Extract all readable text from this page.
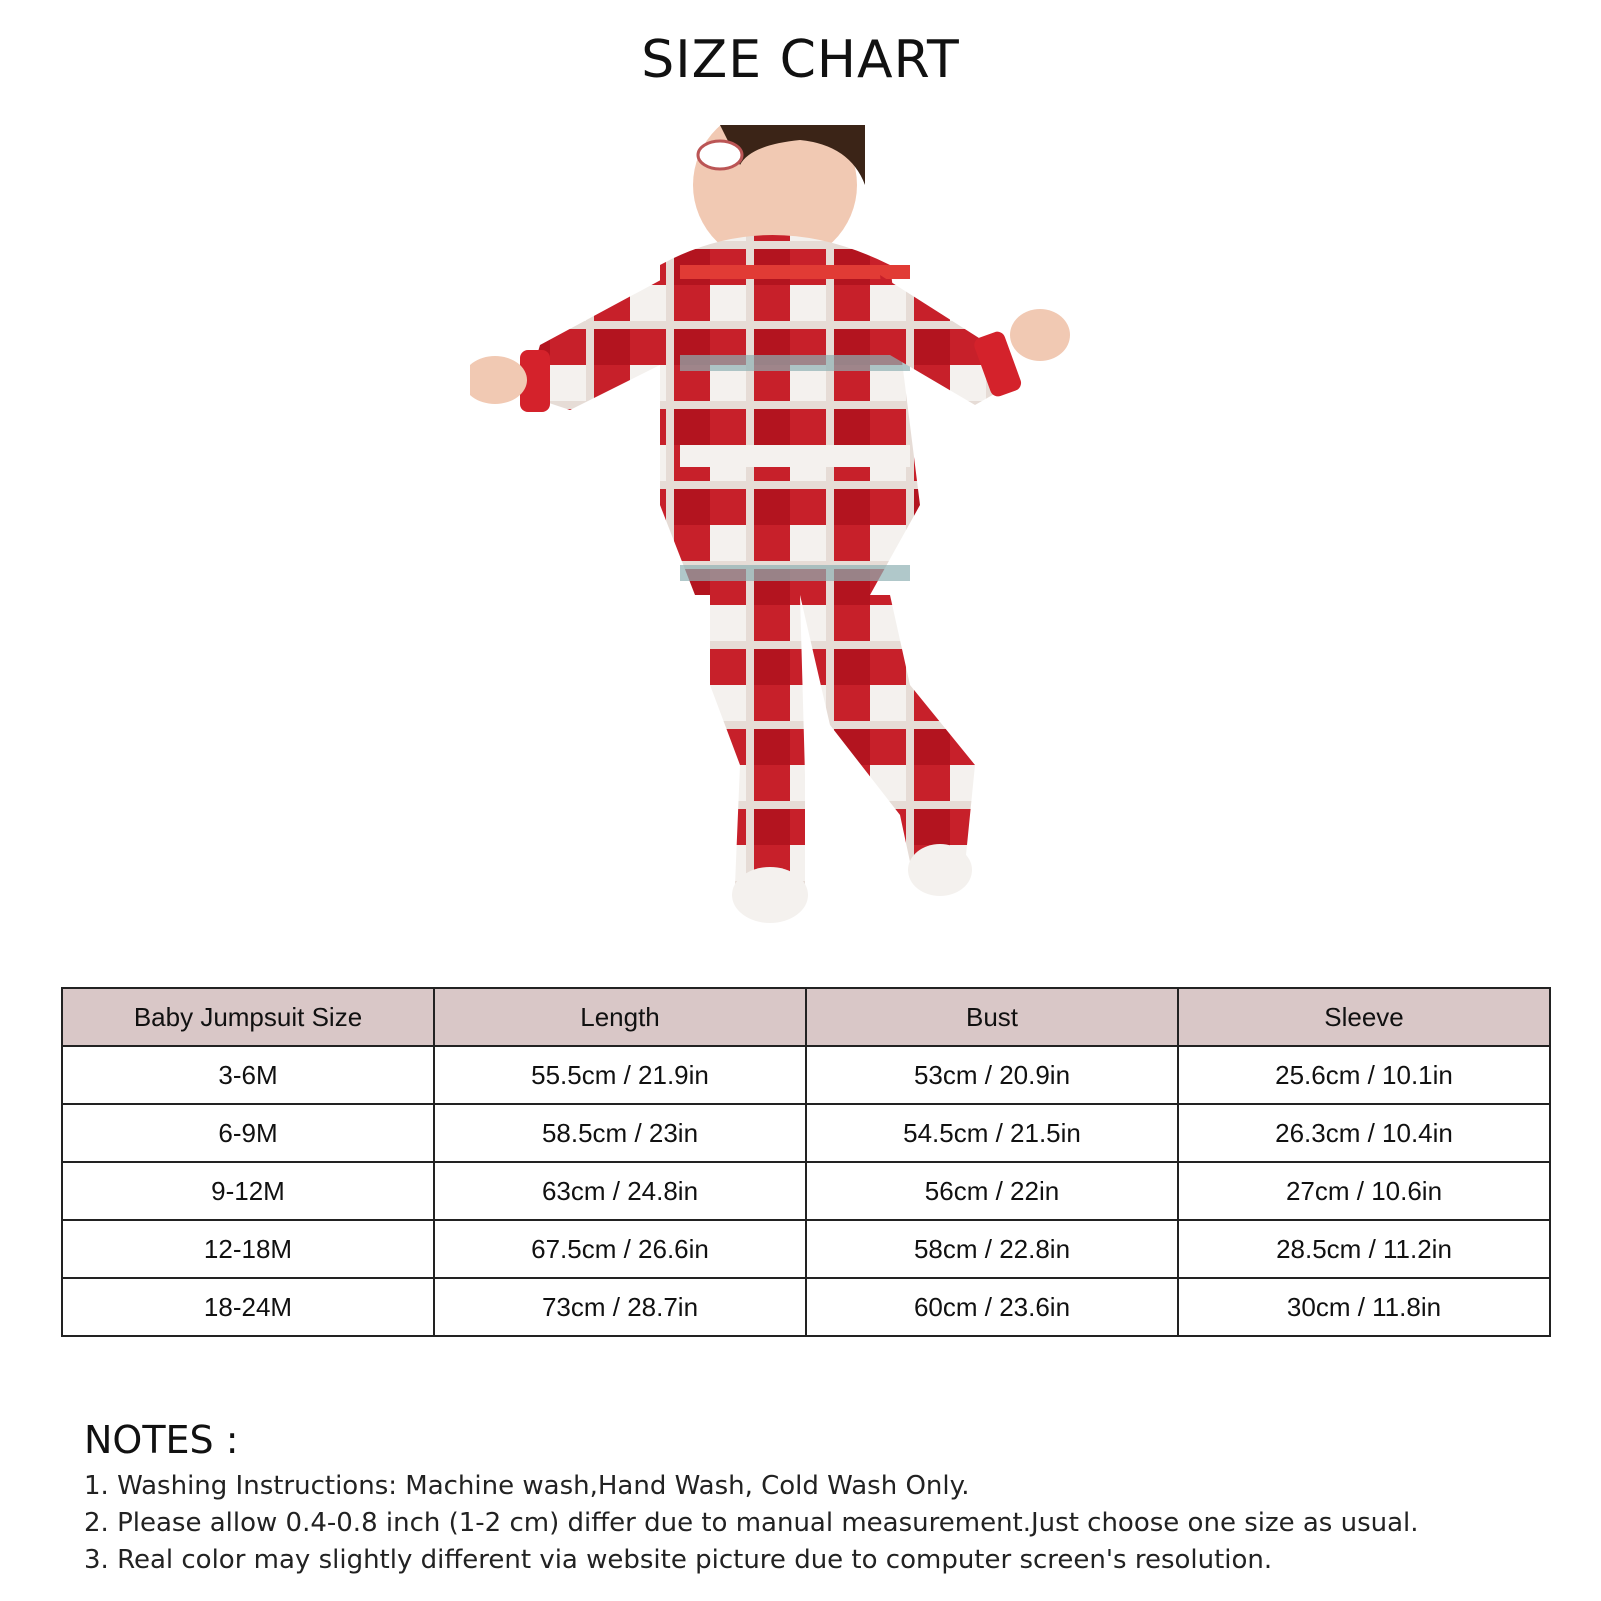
SIZE CHART
Baby Jumpsuit Size	Length	Bust	Sleeve
3-6M	55.5cm / 21.9in	53cm / 20.9in	25.6cm / 10.1in
6-9M	58.5cm / 23in	54.5cm / 21.5in	26.3cm / 10.4in
9-12M	63cm / 24.8in	56cm / 22in	27cm / 10.6in
12-18M	67.5cm / 26.6in	58cm / 22.8in	28.5cm / 11.2in
18-24M	73cm / 28.7in	60cm / 23.6in	30cm / 11.8in
NOTES :
1. Washing Instructions: Machine wash,Hand Wash, Cold Wash Only.
2. Please allow 0.4-0.8 inch (1-2 cm) differ due to manual measurement.Just choose one size as usual.
3. Real color may slightly different via website picture due to computer screen's resolution.
